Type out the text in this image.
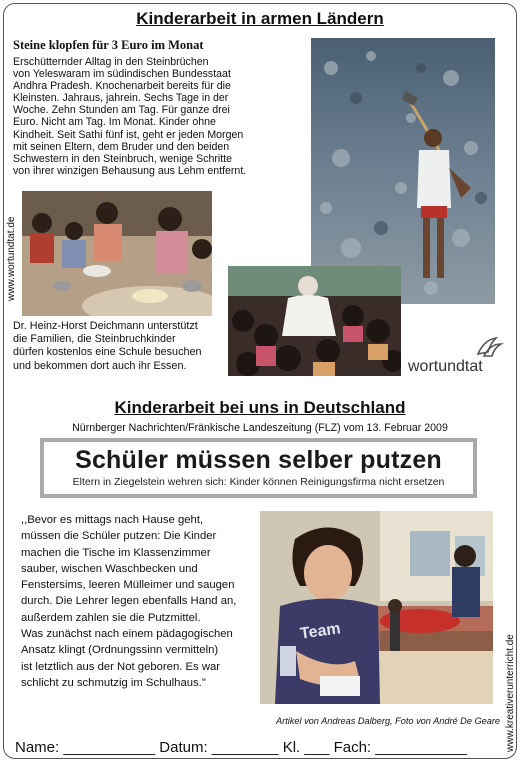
Kinderarbeit in armen Ländern
Steine klopfen für 3 Euro im Monat
Erschütternder Alltag in den Steinbrüchen
von Yeleswaram im südindischen Bundesstaat
Andhra Pradesh. Knochenarbeit bereits für die
Kleinsten. Jahraus, jahrein. Sechs Tage in der
Woche. Zehn Stunden am Tag. Für ganze drei
Euro. Nicht am Tag. Im Monat. Kinder ohne
Kindheit. Seit Sathi fünf ist, geht er jeden Morgen
mit seinen Eltern, dem Bruder und den beiden
Schwestern in den Steinbruch, wenige Schritte
von ihrer winzigen Behausung aus Lehm entfernt.
www.wortundtat.de
Dr. Heinz-Horst Deichmann unterstützt
die Familien, die Steinbruchkinder
dürfen kostenlos eine Schule besuchen
und bekommen dort auch ihr Essen.	wortundtat
Kinderarbeit bei uns in Deutschland
Nürnberger Nachrichten/Fränkische Landeszeitung (FLZ) vom 13. Februar 2009
Schüler müssen selber putzen
Eltern in Ziegelstein wehren sich: Kinder können Reinigungsfirma nicht ersetzen
,,Bevor es mittags nach Hause geht,
müssen die Schüler putzen: Die Kinder
machen die Tische im Klassenzimmer
sauber, wischen Waschbecken und
Fenstersims, leeren Mülleimer und saugen
durch. Die Lehrer legen ebenfalls Hand an,
außerdem zahlen sie die Putzmittel.
Was zunächst nach einem pädagogischen
Ansatz klingt (Ordnungssinn vermitteln)
ist letztlich aus der Not geboren. Es war
schlicht zu schmutzig im Schulhaus."
Team
Artikel von Andreas Dalberg, Foto von André De Geare www.kreativerunterricht.de
Name: ___________ Datum: ________ Kl. ___ Fach: ___________
